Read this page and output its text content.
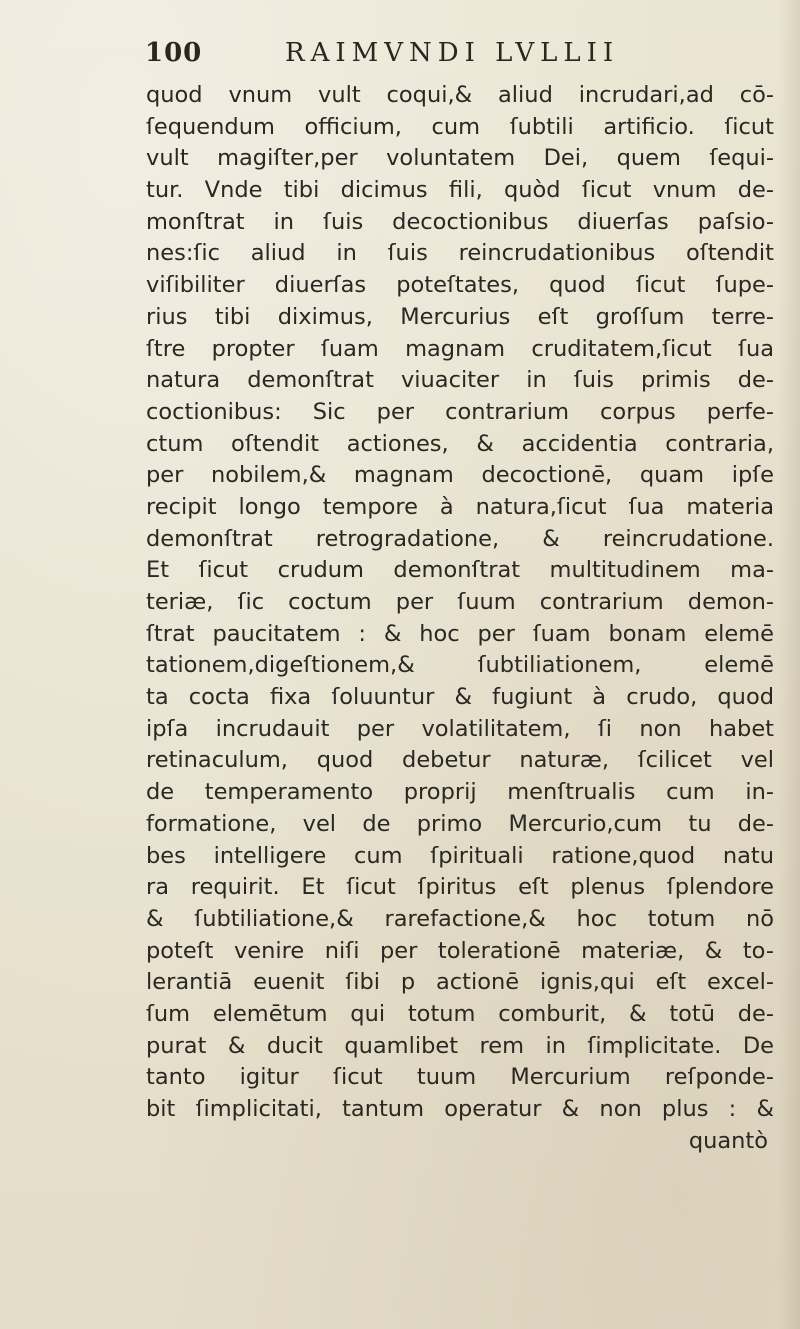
100	RAIMVNDI LVLLII
quod vnum vult coqui,& aliud incrudari,ad cō-
ſequendum officium, cum ſubtili artificio. ſicut
vult magiſter,per voluntatem Dei, quem ſequi-
tur. Vnde tibi dicimus fili, quòd ſicut vnum de-
monſtrat in ſuis decoctionibus diuerſas paſsio-
nes:ſic aliud in ſuis reincrudationibus oſtendit
viſibiliter diuerſas poteſtates, quod ſicut ſupe-
rius tibi diximus, Mercurius eſt groſſum terre-
ſtre propter ſuam magnam cruditatem,ſicut ſua
natura demonſtrat viuaciter in ſuis primis de-
coctionibus: Sic per contrarium corpus perfe-
ctum oſtendit actiones, & accidentia contraria,
per nobilem,& magnam decoctionē, quam ipſe
recipit longo tempore à natura,ſicut ſua materia
demonſtrat retrogradatione, & reincrudatione.
Et ſicut crudum demonſtrat multitudinem ma-
teriæ, ſic coctum per ſuum contrarium demon-
ſtrat paucitatem : & hoc per ſuam bonam elemē
tationem,digeſtionem,& ſubtiliationem, elemē
ta cocta fixa ſoluuntur & fugiunt à crudo, quod
ipſa incrudauit per volatilitatem, ſi non habet
retinaculum, quod debetur naturæ, ſcilicet vel
de temperamento proprij menſtrualis cum in-
formatione, vel de primo Mercurio,cum tu de-
bes intelligere cum ſpirituali ratione,quod natu
ra requirit. Et ſicut ſpiritus eſt plenus ſplendore
& ſubtiliatione,& rarefactione,& hoc totum nō
poteſt venire niſi per tolerationē materiæ, & to-
lerantiā euenit ſibi p actionē ignis,qui eſt excel-
ſum elemētum qui totum comburit, & totū de-
purat & ducit quamlibet rem in ſimplicitate. De
tanto igitur ſicut tuum Mercurium reſponde-
bit ſimplicitati, tantum operatur & non plus : &
quantò
